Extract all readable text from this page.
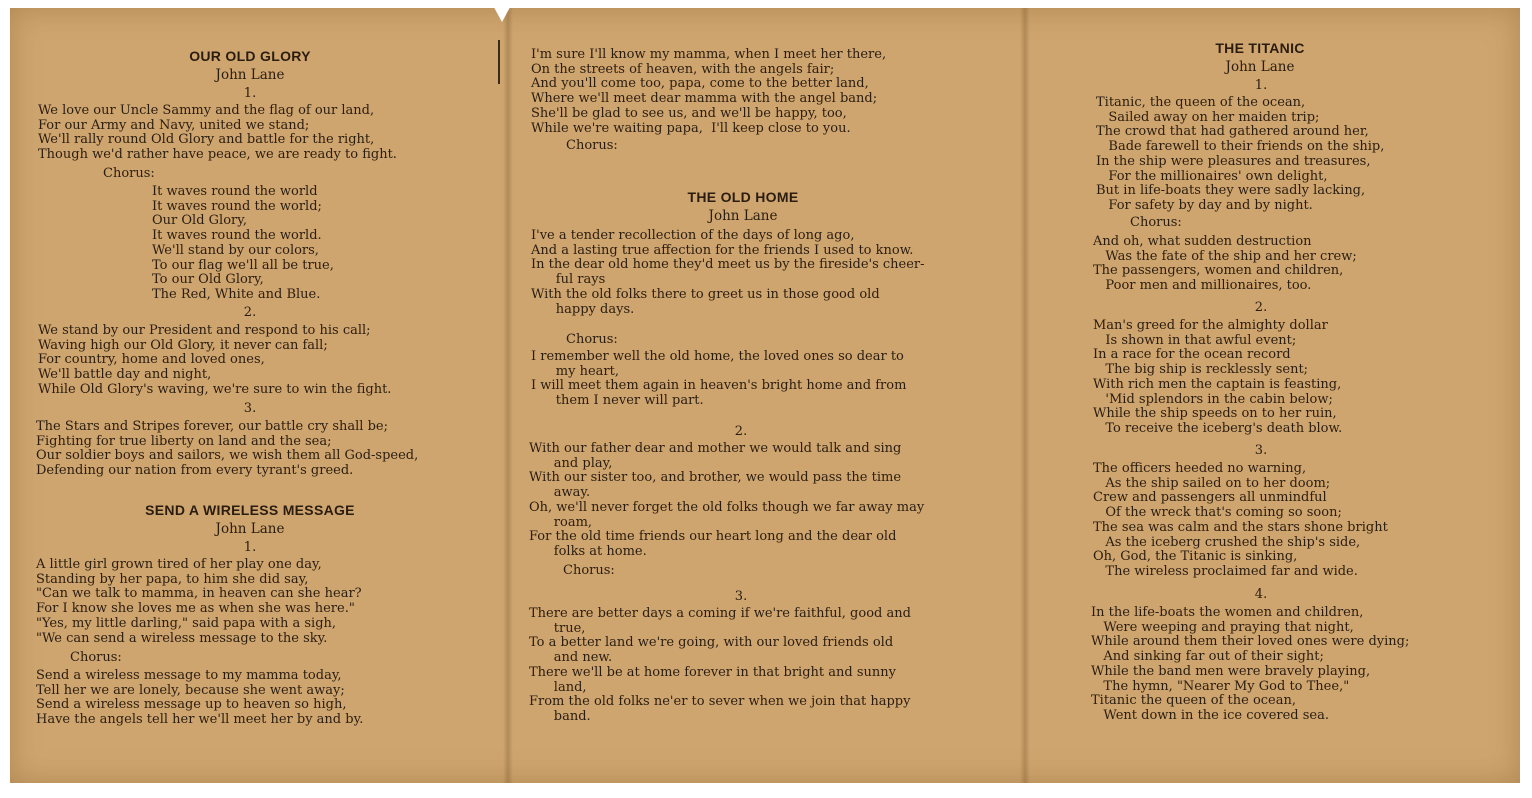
OUR OLD GLORY
John Lane
1.
We love our Uncle Sammy and the flag of our land,
For our Army and Navy, united we stand;
We'll rally round Old Glory and battle for the right,
Though we'd rather have peace, we are ready to fight.
Chorus:
It waves round the world
It waves round the world;
Our Old Glory,
It waves round the world.
We'll stand by our colors,
To our flag we'll all be true,
To our Old Glory,
The Red, White and Blue.
2.
We stand by our President and respond to his call;
Waving high our Old Glory, it never can fall;
For country, home and loved ones,
We'll battle day and night,
While Old Glory's waving, we're sure to win the fight.
3.
The Stars and Stripes forever, our battle cry shall be;
Fighting for true liberty on land and the sea;
Our soldier boys and sailors, we wish them all God-speed,
Defending our nation from every tyrant's greed.
SEND A WIRELESS MESSAGE
John Lane
1.
A little girl grown tired of her play one day,
Standing by her papa, to him she did say,
"Can we talk to mamma, in heaven can she hear?
For I know she loves me as when she was here."
"Yes, my little darling," said papa with a sigh,
"We can send a wireless message to the sky.
Chorus:
Send a wireless message to my mamma today,
Tell her we are lonely, because she went away;
Send a wireless message up to heaven so high,
Have the angels tell her we'll meet her by and by.
I'm sure I'll know my mamma, when I meet her there,
On the streets of heaven, with the angels fair;
And you'll come too, papa, come to the better land,
Where we'll meet dear mamma with the angel band;
She'll be glad to see us, and we'll be happy, too,
While we're waiting papa,  I'll keep close to you.
Chorus:
THE OLD HOME
John Lane
I've a tender recollection of the days of long ago,
And a lasting true affection for the friends I used to know.
In the dear old home they'd meet us by the fireside's cheer-
ful rays
With the old folks there to greet us in those good old
happy days.
Chorus:
I remember well the old home, the loved ones so dear to
my heart,
I will meet them again in heaven's bright home and from
them I never will part.
2.
With our father dear and mother we would talk and sing
and play,
With our sister too, and brother, we would pass the time
away.
Oh, we'll never forget the old folks though we far away may
roam,
For the old time friends our heart long and the dear old
folks at home.
Chorus:
3.
There are better days a coming if we're faithful, good and
true,
To a better land we're going, with our loved friends old
and new.
There we'll be at home forever in that bright and sunny
land,
From the old folks ne'er to sever when we join that happy
band.
THE TITANIC
John Lane
1.
Titanic, the queen of the ocean,
Sailed away on her maiden trip;
The crowd that had gathered around her,
Bade farewell to their friends on the ship,
In the ship were pleasures and treasures,
For the millionaires' own delight,
But in life-boats they were sadly lacking,
For safety by day and by night.
Chorus:
And oh, what sudden destruction
Was the fate of the ship and her crew;
The passengers, women and children,
Poor men and millionaires, too.
2.
Man's greed for the almighty dollar
Is shown in that awful event;
In a race for the ocean record
The big ship is recklessly sent;
With rich men the captain is feasting,
'Mid splendors in the cabin below;
While the ship speeds on to her ruin,
To receive the iceberg's death blow.
3.
The officers heeded no warning,
As the ship sailed on to her doom;
Crew and passengers all unmindful
Of the wreck that's coming so soon;
The sea was calm and the stars shone bright
As the iceberg crushed the ship's side,
Oh, God, the Titanic is sinking,
The wireless proclaimed far and wide.
4.
In the life-boats the women and children,
Were weeping and praying that night,
While around them their loved ones were dying;
And sinking far out of their sight;
While the band men were bravely playing,
The hymn, "Nearer My God to Thee,"
Titanic the queen of the ocean,
Went down in the ice covered sea.
